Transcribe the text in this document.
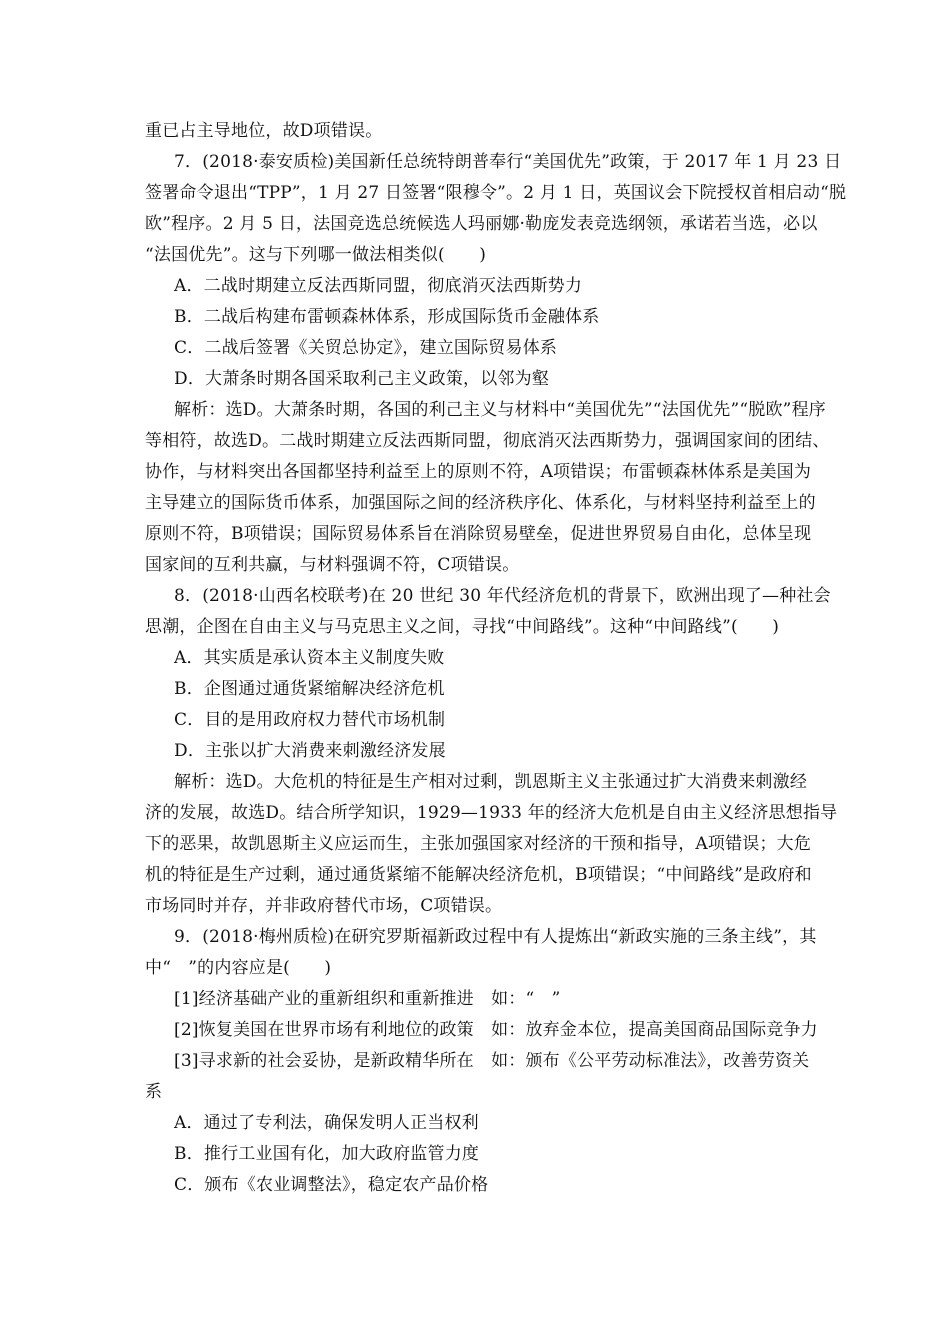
重已占主导地位，故D项错误。
7．(2018·泰安质检)美国新任总统特朗普奉行“美国优先”政策，于 2017 年 1 月 23 日
签署命令退出“TPP”，1 月 27 日签署“限穆令”。2 月 1 日，英国议会下院授权首相启动“脱
欧”程序。2 月 5 日，法国竞选总统候选人玛丽娜·勒庞发表竞选纲领，承诺若当选，必以
“法国优先”。这与下列哪一做法相类似(　　)
A．二战时期建立反法西斯同盟，彻底消灭法西斯势力
B．二战后构建布雷顿森林体系，形成国际货币金融体系
C．二战后签署《关贸总协定》，建立国际贸易体系
D．大萧条时期各国采取利己主义政策，以邻为壑
解析：选D。大萧条时期，各国的利己主义与材料中“美国优先”“法国优先”“脱欧”程序
等相符，故选D。二战时期建立反法西斯同盟，彻底消灭法西斯势力，强调国家间的团结、
协作，与材料突出各国都坚持利益至上的原则不符，A项错误；布雷顿森林体系是美国为
主导建立的国际货币体系，加强国际之间的经济秩序化、体系化，与材料坚持利益至上的
原则不符，B项错误；国际贸易体系旨在消除贸易壁垒，促进世界贸易自由化，总体呈现
国家间的互利共赢，与材料强调不符，C项错误。
8．(2018·山西名校联考)在 20 世纪 30 年代经济危机的背景下，欧洲出现了—种社会
思潮，企图在自由主义与马克思主义之间，寻找“中间路线”。这种“中间路线”(　　)
A．其实质是承认资本主义制度失败
B．企图通过通货紧缩解决经济危机
C．目的是用政府权力替代市场机制
D．主张以扩大消费来刺激经济发展
解析：选D。大危机的特征是生产相对过剩，凯恩斯主义主张通过扩大消费来刺激经
济的发展，故选D。结合所学知识，1929—1933 年的经济大危机是自由主义经济思想指导
下的恶果，故凯恩斯主义应运而生，主张加强国家对经济的干预和指导，A项错误；大危
机的特征是生产过剩，通过通货紧缩不能解决经济危机，B项错误；“中间路线”是政府和
市场同时并存，并非政府替代市场，C项错误。
9．(2018·梅州质检)在研究罗斯福新政过程中有人提炼出“新政实施的三条主线”，其
中“　”的内容应是(　　)
[1]经济基础产业的重新组织和重新推进　如：“　”
[2]恢复美国在世界市场有利地位的政策　如：放弃金本位，提高美国商品国际竞争力
[3]寻求新的社会妥协，是新政精华所在　如：颁布《公平劳动标准法》，改善劳资关
系
A．通过了专利法，确保发明人正当权利
B．推行工业国有化，加大政府监管力度
C．颁布《农业调整法》，稳定农产品价格
